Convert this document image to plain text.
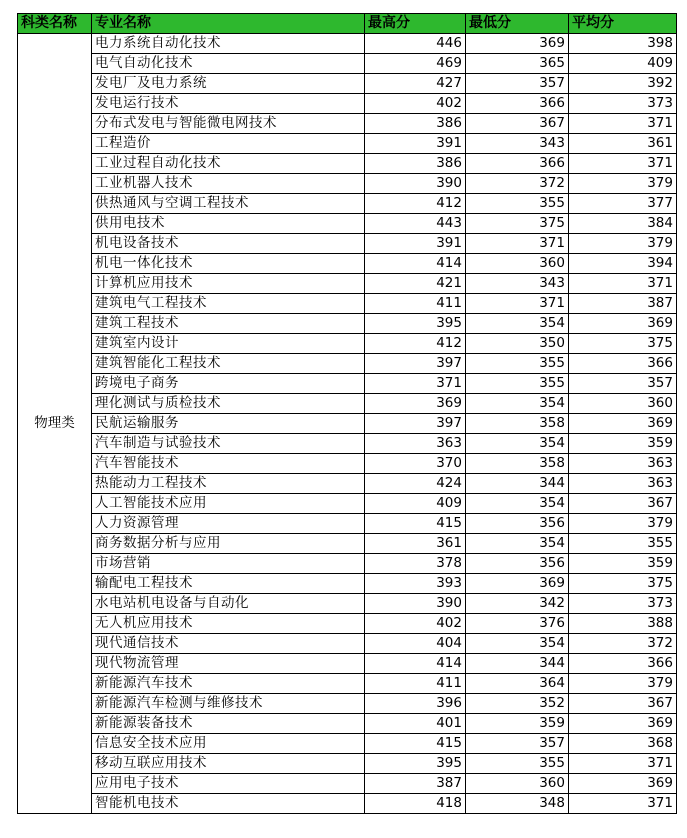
科类名称	专业名称	最高分	最低分	平均分
物理类	电力系统自动化技术	446	369	398
	电气自动化技术	469	365	409
	发电厂及电力系统	427	357	392
	发电运行技术	402	366	373
	分布式发电与智能微电网技术	386	367	371
	工程造价	391	343	361
	工业过程自动化技术	386	366	371
	工业机器人技术	390	372	379
	供热通风与空调工程技术	412	355	377
	供用电技术	443	375	384
	机电设备技术	391	371	379
	机电一体化技术	414	360	394
	计算机应用技术	421	343	371
	建筑电气工程技术	411	371	387
	建筑工程技术	395	354	369
	建筑室内设计	412	350	375
	建筑智能化工程技术	397	355	366
	跨境电子商务	371	355	357
	理化测试与质检技术	369	354	360
	民航运输服务	397	358	369
	汽车制造与试验技术	363	354	359
	汽车智能技术	370	358	363
	热能动力工程技术	424	344	363
	人工智能技术应用	409	354	367
	人力资源管理	415	356	379
	商务数据分析与应用	361	354	355
	市场营销	378	356	359
	输配电工程技术	393	369	375
	水电站机电设备与自动化	390	342	373
	无人机应用技术	402	376	388
	现代通信技术	404	354	372
	现代物流管理	414	344	366
	新能源汽车技术	411	364	379
	新能源汽车检测与维修技术	396	352	367
	新能源装备技术	401	359	369
	信息安全技术应用	415	357	368
	移动互联应用技术	395	355	371
	应用电子技术	387	360	369
	智能机电技术	418	348	371
